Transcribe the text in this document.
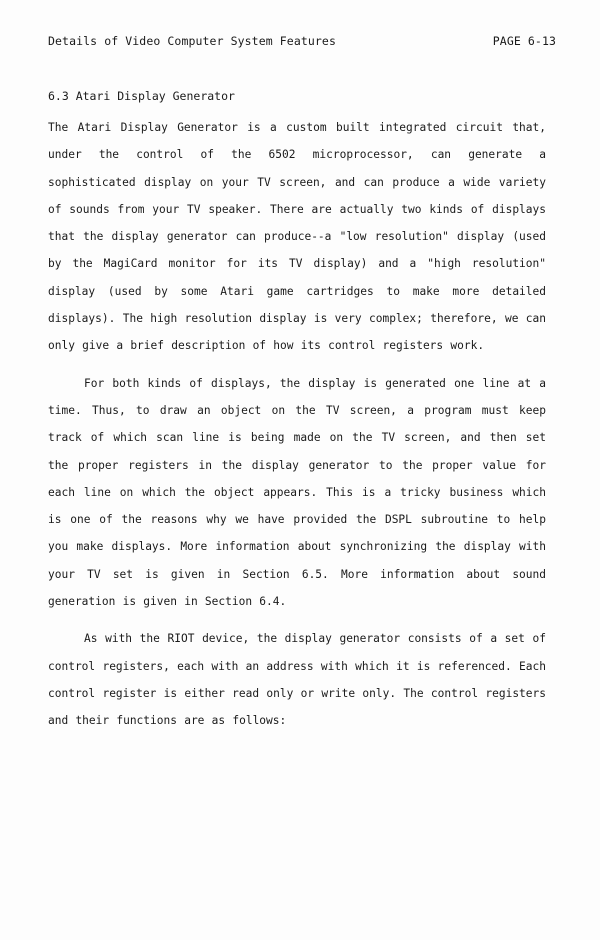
Details of Video Computer System Features	PAGE 6-13
6.3 Atari Display Generator

The Atari Display Generator is a custom built integrated circuit that, under the control of the 6502 microprocessor, can generate a sophisticated display on your TV screen, and can produce a wide variety of sounds from your TV speaker. There are actually two kinds of displays that the display generator can produce--a "low resolution" display (used by the MagiCard monitor for its TV display) and a "high resolution" display (used by some Atari game cartridges to make more detailed displays). The high resolution display is very complex; therefore, we can only give a brief description of how its control registers work.

For both kinds of displays, the display is generated one line at a time. Thus, to draw an object on the TV screen, a program must keep track of which scan line is being made on the TV screen, and then set the proper registers in the display generator to the proper value for each line on which the object appears. This is a tricky business which is one of the reasons why we have provided the DSPL subroutine to help you make displays. More information about synchronizing the display with your TV set is given in Section 6.5. More information about sound generation is given in Section 6.4.

As with the RIOT device, the display generator consists of a set of control registers, each with an address with which it is referenced. Each control register is either read only or write only. The control registers and their functions are as follows:
